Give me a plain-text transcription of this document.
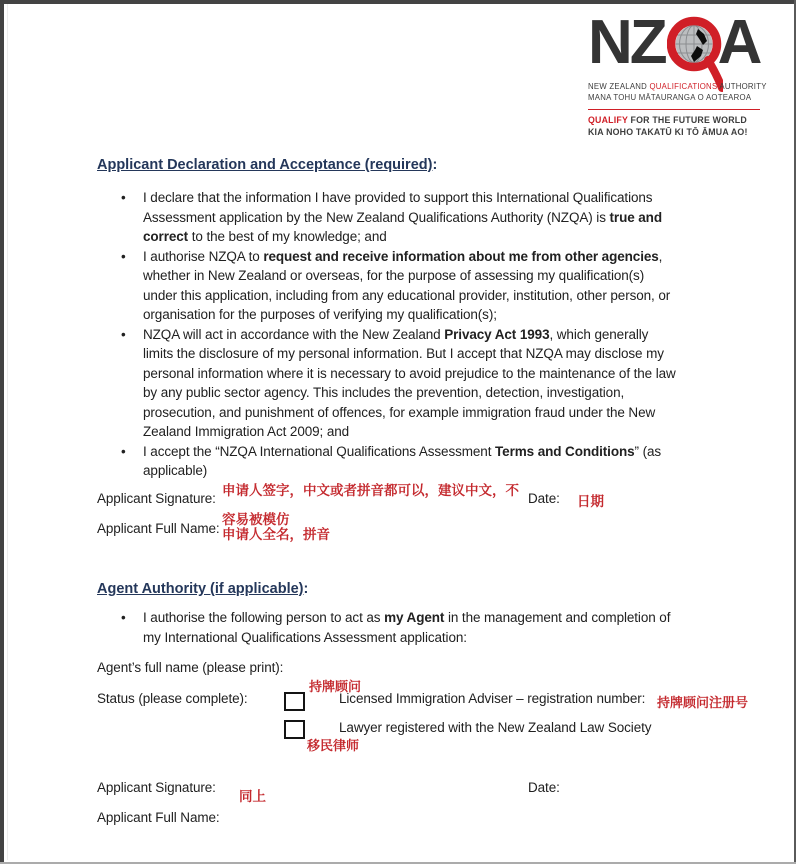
N Z A
NEW ZEALAND QUALIFICATIONS AUTHORITY
MANA TOHU MĀTAURANGA O AOTEAROA
QUALIFY FOR THE FUTURE WORLD
KIA NOHO TAKATŪ KI TŌ ĀMUA AO!
Applicant Declaration and Acceptance (required):
• I declare that the information I have provided to support this International Qualifications Assessment application by the New Zealand Qualifications Authority (NZQA) is true and correct to the best of my knowledge; and
• I authorise NZQA to request and receive information about me from other agencies, whether in New Zealand or overseas, for the purpose of assessing my qualification(s) under this application, including from any educational provider, institution, other person, or organisation for the purposes of verifying my qualification(s);
• NZQA will act in accordance with the New Zealand Privacy Act 1993, which generally limits the disclosure of my personal information. But I accept that NZQA may disclose my personal information where it is necessary to avoid prejudice to the maintenance of the law by any public sector agency. This includes the prevention, detection, investigation, prosecution, and punishment of offences, for example immigration fraud under the New Zealand Immigration Act 2009; and
• I accept the “NZQA International Qualifications Assessment Terms and Conditions” (as applicable)
Applicant Signature:
申请人签字，中文或者拼音都可以，建议中文，不
容易被模仿
Date: 日期
Applicant Full Name: 申请人全名，拼音
Agent Authority (if applicable):
• I authorise the following person to act as my Agent in the management and completion of my International Qualifications Assessment application:
Agent’s full name (please print):
Status (please complete):
持牌顾问
Licensed Immigration Adviser – registration number: 持牌顾问注册号
Lawyer registered with the New Zealand Law Society
移民律师
Applicant Signature:
同上
Date:
Applicant Full Name:
